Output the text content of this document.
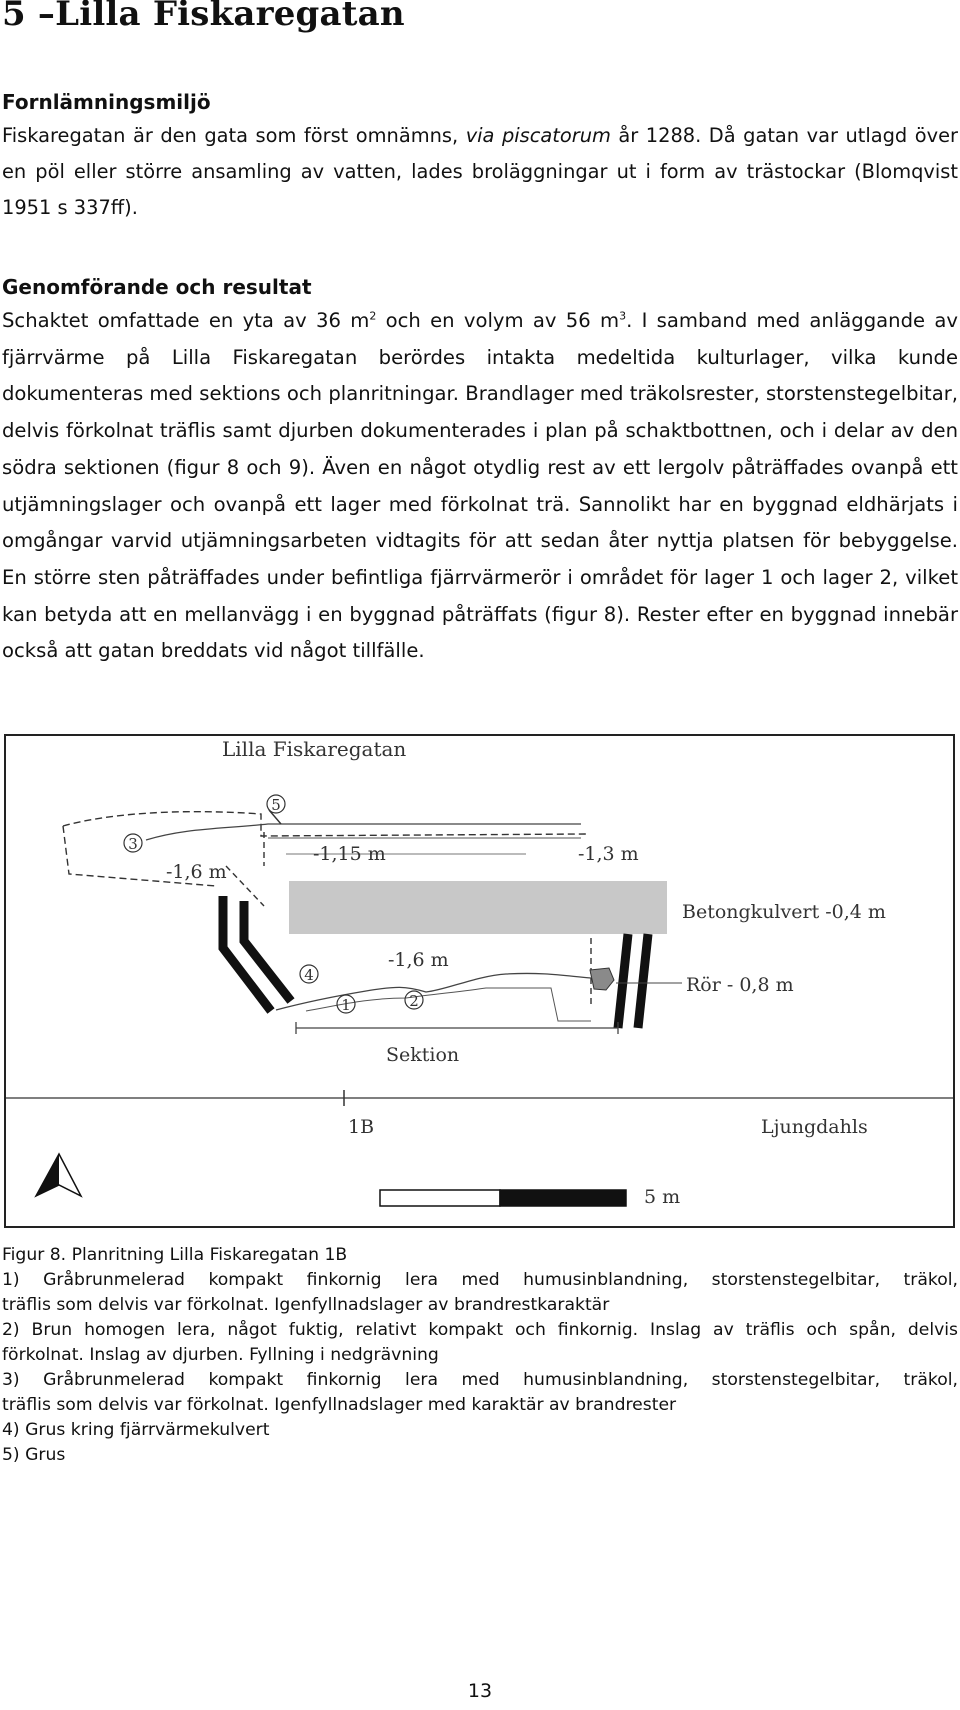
5 –Lilla Fiskaregatan

Fornlämningsmiljö

Fiskaregatan är den gata som först omnämns, via piscatorum år 1288. Då gatan var utlagd över en pöl eller större ansamling av vatten, lades broläggningar ut i form av trästockar (Blomqvist 1951 s 337ff).

Genomförande och resultat

Schaktet omfattade en yta av 36 $m^2$ och en volym av 56 $m^3$. I samband med anläggande av fjärrvärme på Lilla Fiskaregatan berördes intakta medeltida kulturlager, vilka kunde dokumenteras med sektions och planritningar. Brandlager med träkolsrester, storstenstegelbitar, delvis förkolnat träflis samt djurben dokumenterades i plan på schaktbottnen, och i delar av den södra sektionen (figur 8 och 9). Även en något otydlig rest av ett lergolv påträffades ovanpå ett utjämningslager och ovanpå ett lager med förkolnat trä. Sannolikt har en byggnad eldhärjats i omgångar varvid utjämningsarbeten vidtagits för att sedan åter nyttja platsen för bebyggelse. En större sten påträffades under befintliga fjärrvärmerör i området för lager 1 och lager 2, vilket kan betyda att en mellanvägg i en byggnad påträffats (figur 8). Rester efter en byggnad innebär också att gatan breddats vid något tillfälle.

Lilla Fiskaregatan
-1,6 m
-1,15 m	-1,3 m
-1,6 m
Betongkulvert -0,4 m
Rör - 0,8 m
Sektion
1B	Ljungdahls
3
5
4
1	2
5 m
Figur 8. Planritning Lilla Fiskaregatan 1B
1) Gråbrunmelerad kompakt finkornig lera med humusinblandning, storstenstegelbitar, träkol,
träflis som delvis var förkolnat. Igenfyllnadslager av brandrestkaraktär
2) Brun homogen lera, något fuktig, relativt kompakt och finkornig. Inslag av träflis och spån, delvis
förkolnat. Inslag av djurben. Fyllning i nedgrävning
3) Gråbrunmelerad kompakt finkornig lera med humusinblandning, storstenstegelbitar, träkol,
träflis som delvis var förkolnat. Igenfyllnadslager med karaktär av brandrester
4) Grus kring fjärrvärmekulvert
5) Grus
13
